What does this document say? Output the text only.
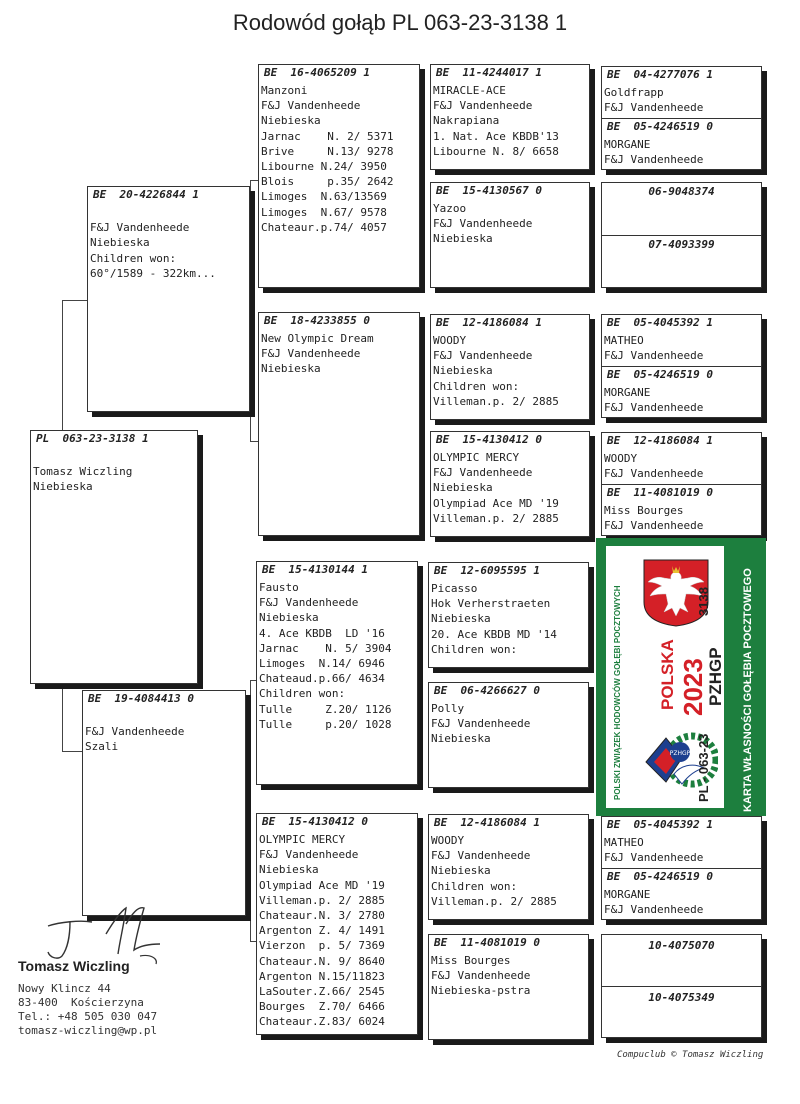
Rodowód gołąb PL 063-23-3138 1
PL  063-23-3138 1
Tomasz Wiczling
Niebieska
BE  20-4226844 1
F&J Vandenheede
Niebieska
Children won:
60°/1589 - 322km...
BE  19-4084413 0
F&J Vandenheede
Szali
BE  16-4065209 1
Manzoni
F&J Vandenheede
Niebieska
Jarnac    N. 2/ 5371
Brive     N.13/ 9278
Libourne N.24/ 3950
Blois     p.35/ 2642
Limoges  N.63/13569
Limoges  N.67/ 9578
Chateaur.p.74/ 4057
BE  18-4233855 0
New Olympic Dream
F&J Vandenheede
Niebieska
BE  15-4130144 1
Fausto
F&J Vandenheede
Niebieska
4. Ace KBDB  LD '16
Jarnac    N. 5/ 3904
Limoges  N.14/ 6946
Chateaud.p.66/ 4634
Children won:
Tulle     Z.20/ 1126
Tulle     p.20/ 1028
BE  15-4130412 0
OLYMPIC MERCY
F&J Vandenheede
Niebieska
Olympiad Ace MD '19
Villeman.p. 2/ 2885
Chateaur.N. 3/ 2780
Argenton Z. 4/ 1491
Vierzon  p. 5/ 7369
Chateaur.N. 9/ 8640
Argenton N.15/11823
LaSouter.Z.66/ 2545
Bourges  Z.70/ 6466
Chateaur.Z.83/ 6024
BE  11-4244017 1
MIRACLE-ACE
F&J Vandenheede
Nakrapiana
1. Nat. Ace KBDB'13
Libourne N. 8/ 6658
BE  15-4130567 0
Yazoo
F&J Vandenheede
Niebieska
BE  12-4186084 1
WOODY
F&J Vandenheede
Niebieska
Children won:
Villeman.p. 2/ 2885
BE  15-4130412 0
OLYMPIC MERCY
F&J Vandenheede
Niebieska
Olympiad Ace MD '19
Villeman.p. 2/ 2885
BE  12-6095595 1
Picasso
Hok Verherstraeten
Niebieska
20. Ace KBDB MD '14
Children won:
BE  06-4266627 0
Polly
F&J Vandenheede
Niebieska
BE  12-4186084 1
WOODY
F&J Vandenheede
Niebieska
Children won:
Villeman.p. 2/ 2885
BE  11-4081019 0
Miss Bourges
F&J Vandenheede
Niebieska-pstra
BE  04-4277076 1
Goldfrapp
F&J Vandenheede
BE  05-4246519 0
MORGANE
F&J Vandenheede
06-9048374
07-4093399
BE  05-4045392 1
MATHEO
F&J Vandenheede
BE  05-4246519 0
MORGANE
F&J Vandenheede
BE  12-4186084 1
WOODY
F&J Vandenheede
BE  11-4081019 0
Miss Bourges
F&J Vandenheede
BE  05-4045392 1
MATHEO
F&J Vandenheede
BE  05-4246519 0
MORGANE
F&J Vandenheede
10-4075070
10-4075349
POLSKI ZWIĄZEK HODOWCÓW GOŁĘBI POCZTOWYCH POLSKA 2023
PZHGP
PZHGP PL - 063-23
3138	KARTA WŁASNOŚCI GOŁĘBIA POCZTOWEGO
Tomasz Wiczling
Nowy Klincz 44
83-400  Kościerzyna
Tel.: +48 505 030 047
tomasz-wiczling@wp.pl
Compuclub © Tomasz Wiczling
